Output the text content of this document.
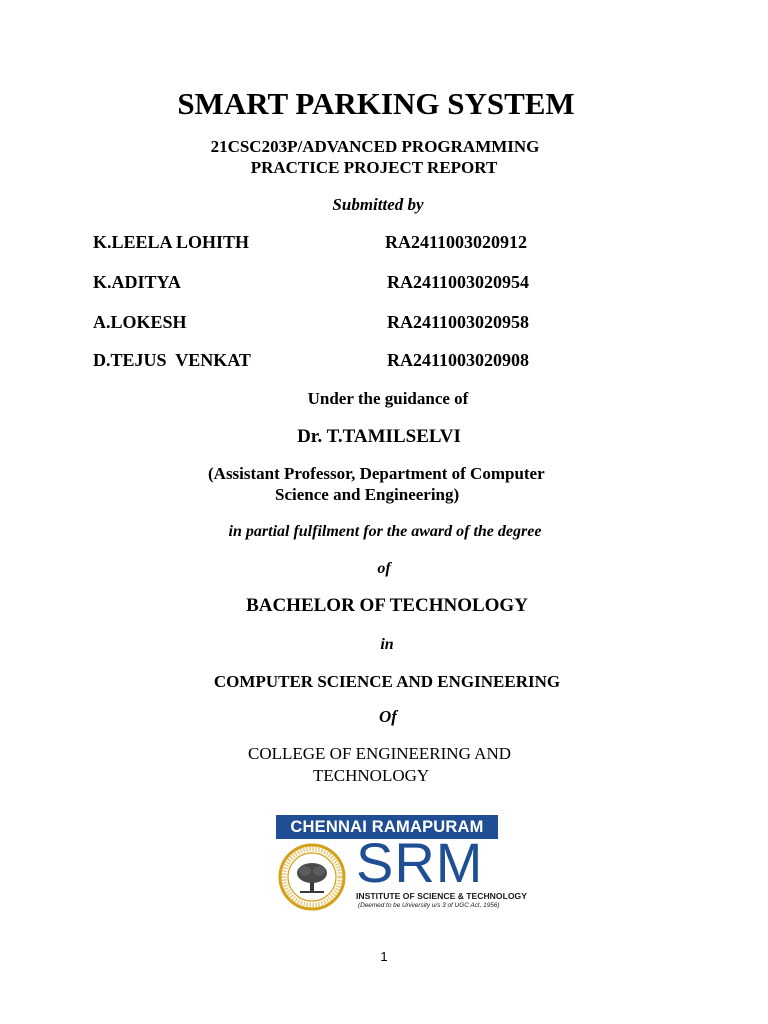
SMART PARKING SYSTEM
21CSC203P/ADVANCED PROGRAMMING
PRACTICE PROJECT REPORT
Submitted by
K.LEELA LOHITH	RA2411003020912
K.ADITYA	RA2411003020954
A.LOKESH	RA2411003020958
D.TEJUS  VENKAT	RA2411003020908
Under the guidance of
Dr. T.TAMILSELVI
(Assistant Professor, Department of Computer
Science and Engineering)
in partial fulfilment for the award of the degree
of
BACHELOR OF TECHNOLOGY
in
COMPUTER SCIENCE AND ENGINEERING
Of
COLLEGE OF ENGINEERING AND
TECHNOLOGY
CHENNAI RAMAPURAM
SRM
INSTITUTE OF SCIENCE & TECHNOLOGY
(Deemed to be University u/s 3 of UGC Act, 1956)
1
